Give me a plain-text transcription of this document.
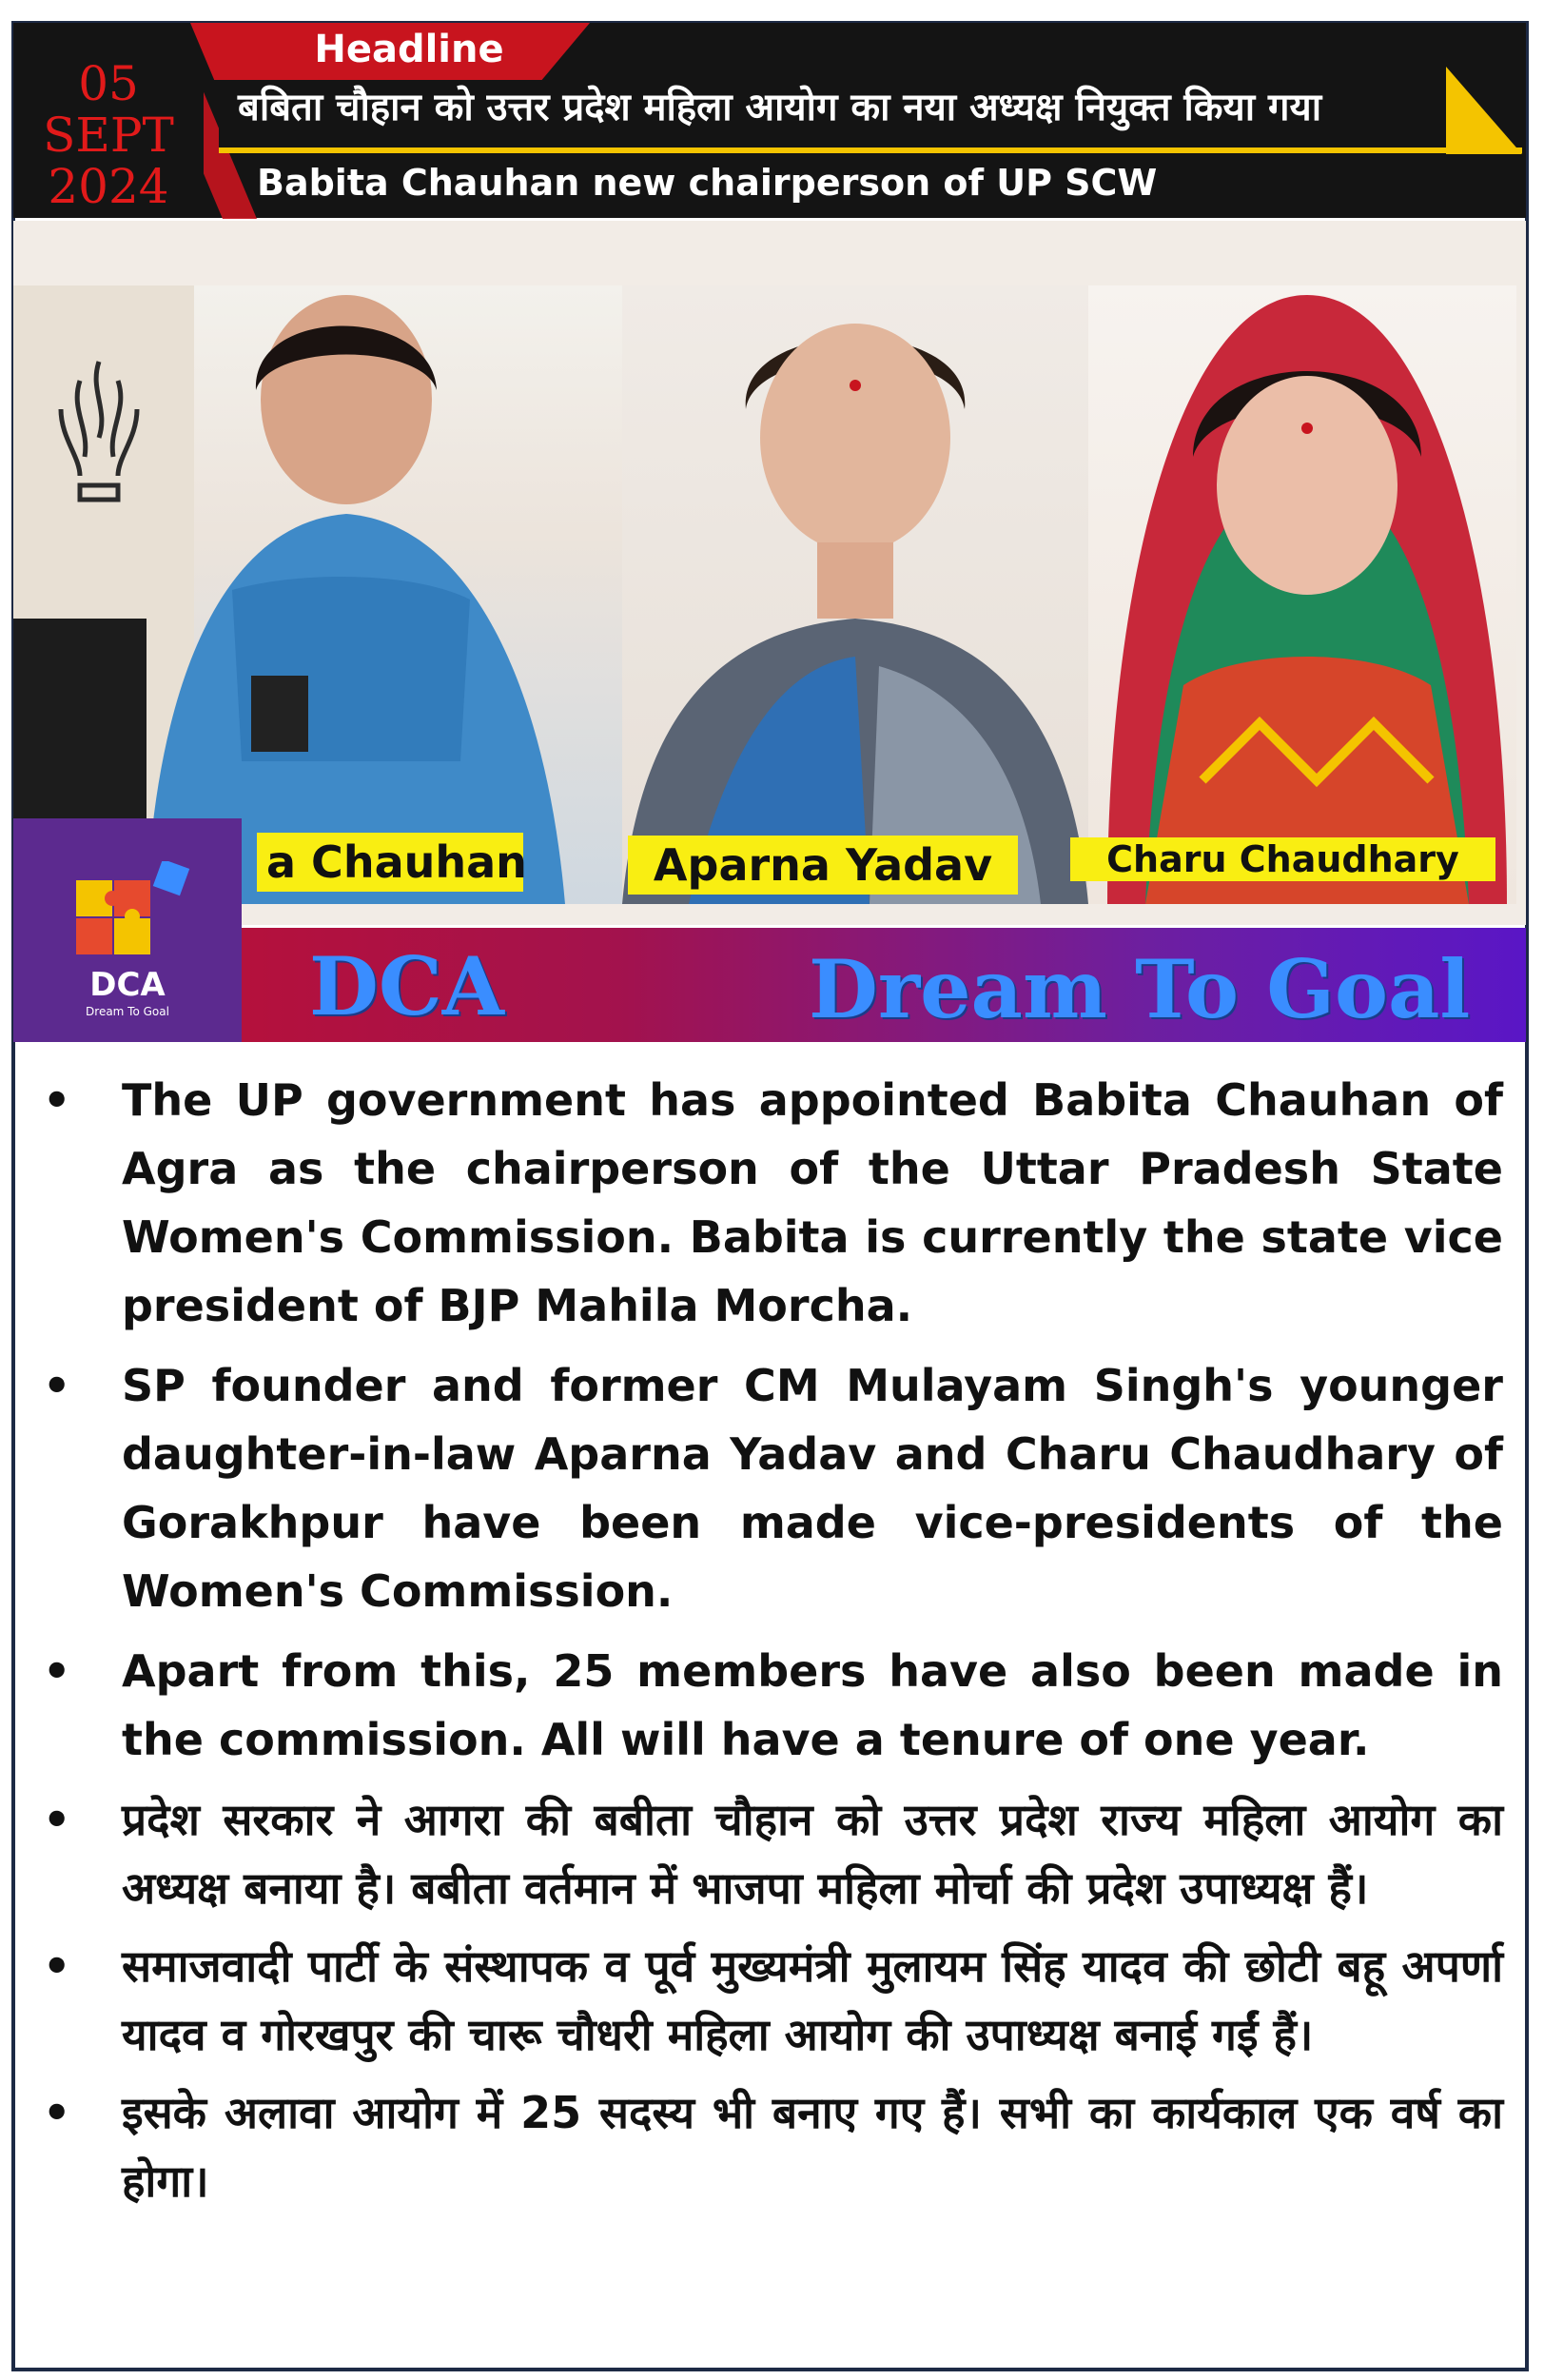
05
SEPT
2024
Headline
बबिता चौहान को उत्तर प्रदेश महिला आयोग का नया अध्यक्ष नियुक्त किया गया
Babita Chauhan new chairperson of UP SCW
a Chauhan	Aparna Yadav	Charu Chaudhary
DCA	Dream To Goal
DCA
Dream To Goal
• The UP government has appointed Babita Chauhan of Agra as the chairperson of the Uttar Pradesh State Women's Commission. Babita is currently the state vice president of BJP Mahila Morcha.
• SP founder and former CM Mulayam Singh's younger daughter-in-law Aparna Yadav and Charu Chaudhary of Gorakhpur have been made vice-presidents of the Women's Commission.
• Apart from this, 25 members have also been made in the commission. All will have a tenure of one year.
• प्रदेश सरकार ने आगरा की बबीता चौहान को उत्तर प्रदेश राज्य महिला आयोग का अध्यक्ष बनाया है। बबीता वर्तमान में भाजपा महिला मोर्चा की प्रदेश उपाध्यक्ष हैं।
• समाजवादी पार्टी के संस्थापक व पूर्व मुख्यमंत्री मुलायम सिंह यादव की छोटी बहू अपर्णा यादव व गोरखपुर की चारू चौधरी महिला आयोग की उपाध्यक्ष बनाई गईं हैं।
• इसके अलावा आयोग में 25 सदस्य भी बनाए गए हैं। सभी का कार्यकाल एक वर्ष का होगा।
